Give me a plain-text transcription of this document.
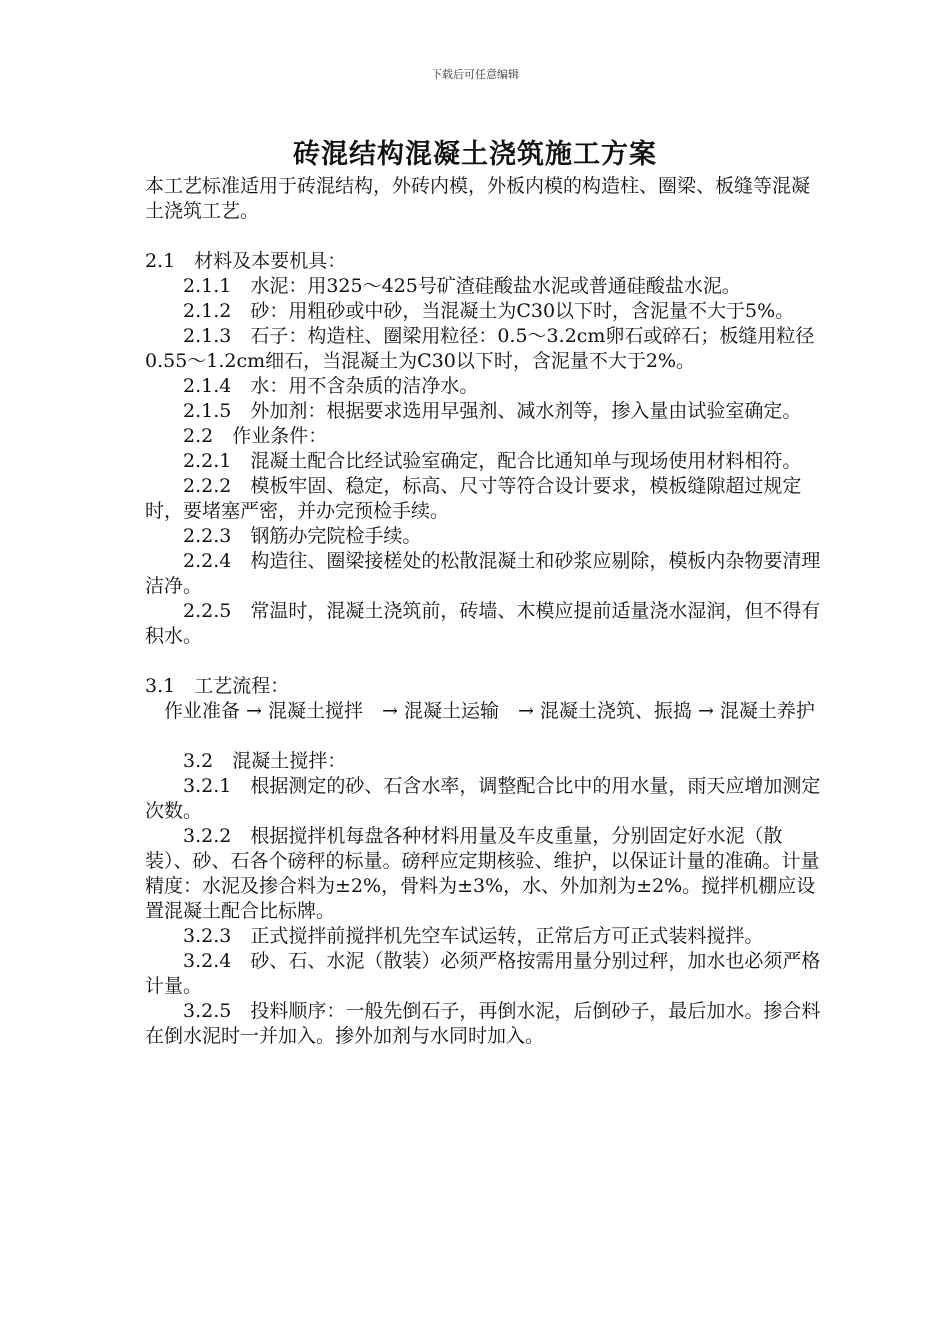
下载后可任意编辑
砖混结构混凝土浇筑施工方案

本工艺标准适用于砖混结构，外砖内模，外板内模的构造柱、圈梁、板缝等混凝土浇筑工艺。

2.1　材料及本要机具：

　　2.1.1　水泥：用325～425号矿渣硅酸盐水泥或普通硅酸盐水泥。

　　2.1.2　砂：用粗砂或中砂，当混凝土为C30以下时，含泥量不大于5%。

　　2.1.3　石子：构造柱、圈梁用粒径：0.5～3.2cm卵石或碎石；板缝用粒径0.55～1.2cm细石，当混凝土为C30以下时，含泥量不大于2%。

　　2.1.4　水：用不含杂质的洁净水。

　　2.1.5　外加剂：根据要求选用早强剂、减水剂等，掺入量由试验室确定。

　　2.2　作业条件：

　　2.2.1　混凝土配合比经试验室确定，配合比通知单与现场使用材料相符。

　　2.2.2　模板牢固、稳定，标高、尺寸等符合设计要求，模板缝隙超过规定时，要堵塞严密，并办完预检手续。

　　2.2.3　钢筋办完院检手续。

　　2.2.4　构造往、圈梁接槎处的松散混凝土和砂浆应剔除，模板内杂物要清理洁净。

　　2.2.5　常温时，混凝土浇筑前，砖墙、木模应提前适量浇水湿润，但不得有积水。

3.1　工艺流程：

　作业准备 → 混凝土搅拌　→ 混凝土运输　→ 混凝土浇筑、振捣 → 混凝土养护

　　3.2　混凝土搅拌：

　　3.2.1　根据测定的砂、石含水率，调整配合比中的用水量，雨天应增加测定次数。

　　3.2.2　根据搅拌机每盘各种材料用量及车皮重量，分别固定好水泥（散装）、砂、石各个磅秤的标量。磅秤应定期核验、维护，以保证计量的准确。计量精度：水泥及掺合料为±2%，骨料为±3%，水、外加剂为±2%。搅拌机棚应设置混凝土配合比标牌。

　　3.2.3　正式搅拌前搅拌机先空车试运转，正常后方可正式装料搅拌。

　　3.2.4　砂、石、水泥（散装）必须严格按需用量分别过秤，加水也必须严格计量。

　　3.2.5　投料顺序：一般先倒石子，再倒水泥，后倒砂子，最后加水。掺合料在倒水泥时一并加入。掺外加剂与水同时加入。
